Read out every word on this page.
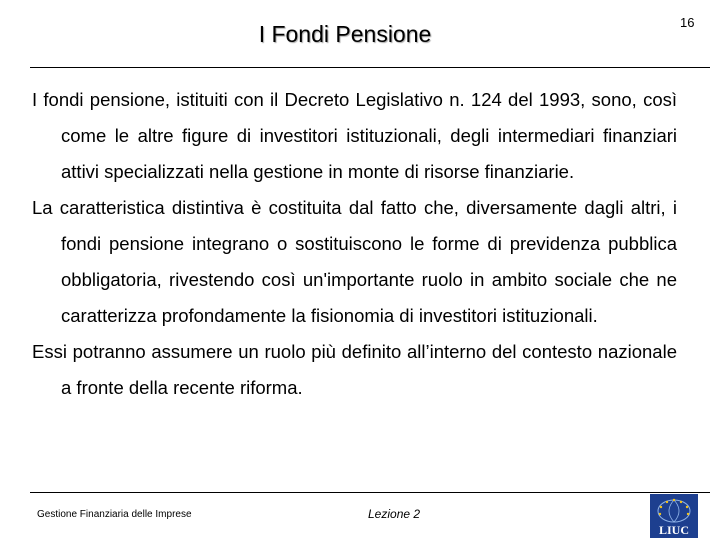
I Fondi Pensione	16

I fondi pensione, istituiti con il Decreto Legislativo n. 124 del 1993, sono, così come le altre figure di investitori istituzionali, degli intermediari finanziari attivi specializzati nella gestione in monte di risorse finanziarie.

La caratteristica distintiva è costituita dal fatto che, diversamente dagli altri, i fondi pensione integrano o sostituiscono le forme di previdenza pubblica obbligatoria, rivestendo così un'importante ruolo in ambito sociale che ne caratterizza profondamente la fisionomia di investitori istituzionali.

Essi potranno assumere un ruolo più definito all’interno del contesto nazionale a fronte della recente riforma.

Gestione Finanziaria delle Imprese	Lezione 2
LIUC
